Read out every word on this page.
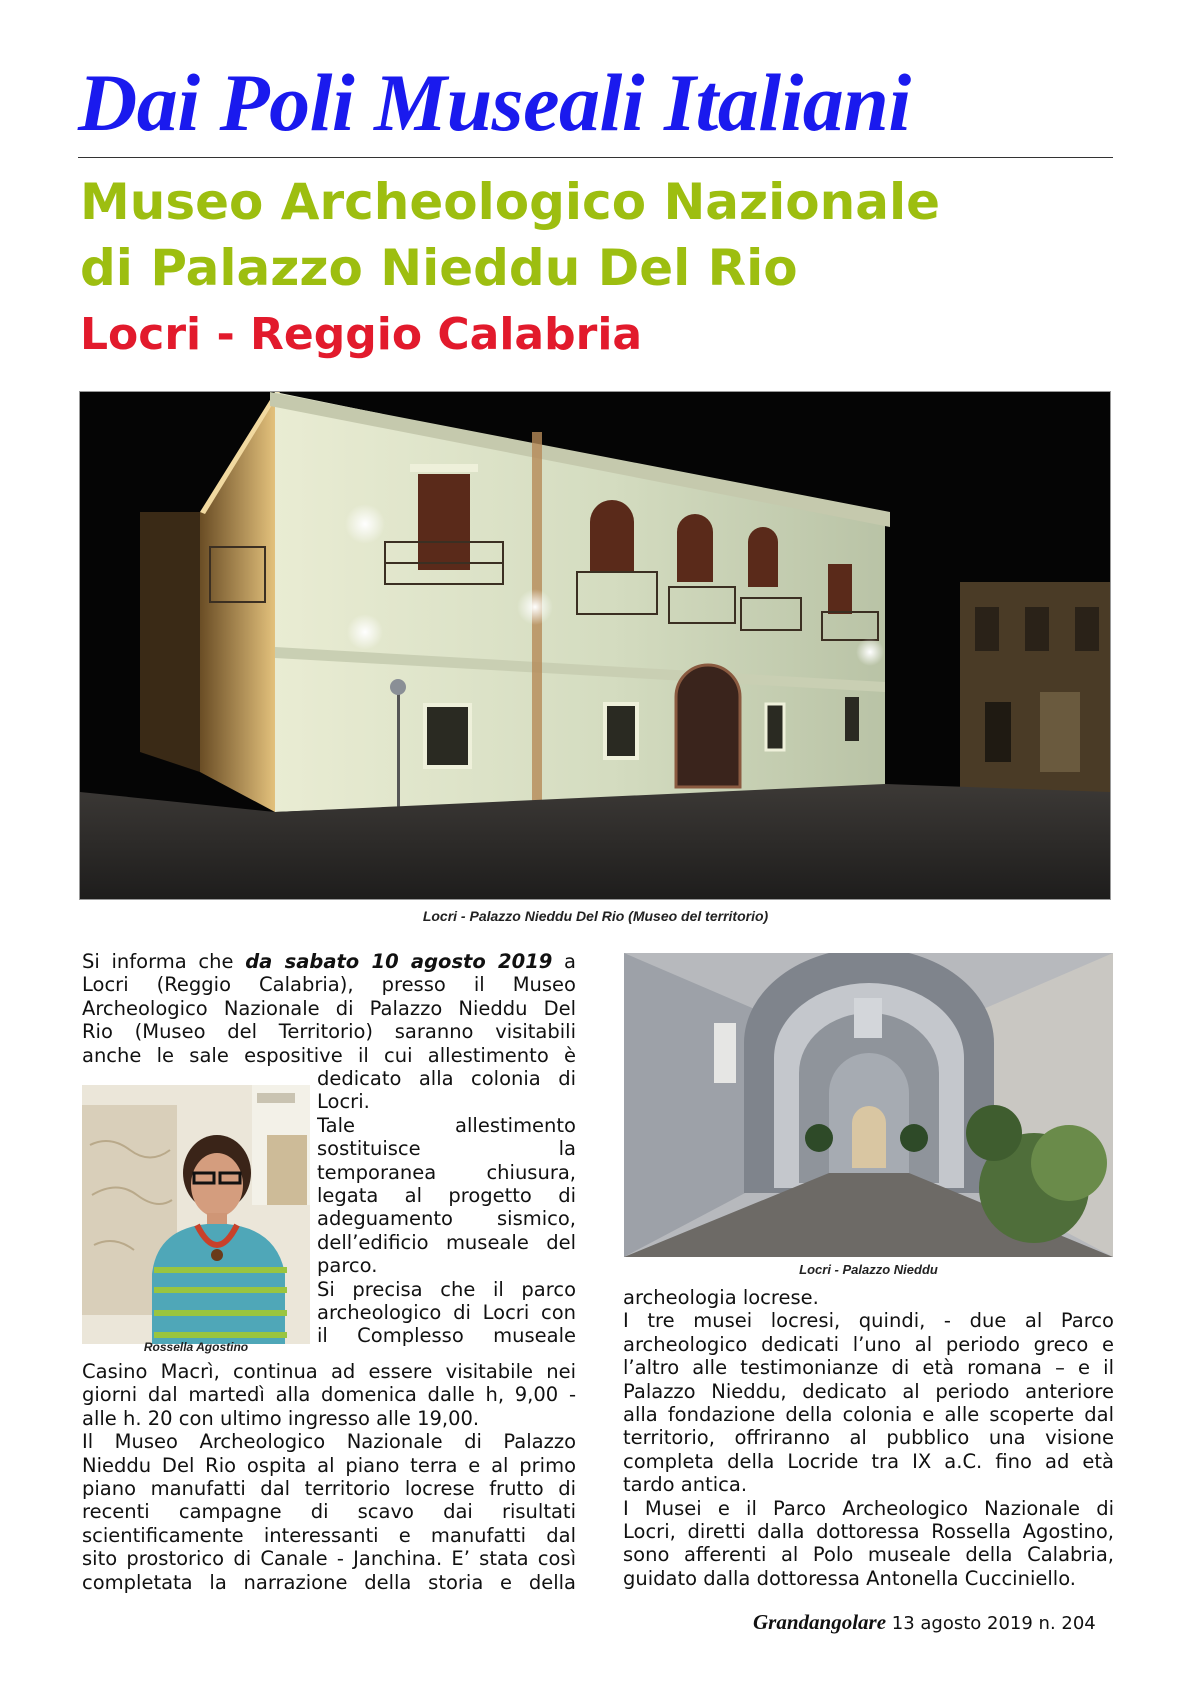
Dai Poli Museali Italiani
Museo Archeologico Nazionale
di Palazzo Nieddu Del Rio
Locri - Reggio Calabria
Locri - Palazzo Nieddu Del Rio (Museo del territorio)
Si informa che da sabato 10 agosto 2019 a
Locri (Reggio Calabria), presso il Museo
Archeologico Nazionale di Palazzo Nieddu Del
Rio (Museo del Territorio) saranno visitabili
anche le sale espositive il cui allestimento è
Rossella Agostino
dedicato alla colonia di
Locri.
Tale allestimento
sostituisce la
temporanea chiusura,
legata al progetto di
adeguamento sismico,
dell’edificio museale del
parco.
Si precisa che il parco
archeologico di Locri con
il Complesso museale
Casino Macrì, continua ad essere visitabile nei
giorni dal martedì alla domenica dalle h, 9,00 -
alle h. 20 con ultimo ingresso alle 19,00.
Il Museo Archeologico Nazionale di Palazzo
Nieddu Del Rio ospita al piano terra e al primo
piano manufatti dal territorio locrese frutto di
recenti campagne di scavo dai risultati
scientificamente interessanti e manufatti dal
sito prostorico di Canale - Janchina. E’ stata così
completata la narrazione della storia e della
Locri - Palazzo Nieddu
archeologia locrese.
I tre musei locresi, quindi, - due al Parco
archeologico dedicati l’uno al periodo greco e
l’altro alle testimonianze di età romana – e il
Palazzo Nieddu, dedicato al periodo anteriore
alla fondazione della colonia e alle scoperte dal
territorio, offriranno al pubblico una visione
completa della Locride tra IX a.C. fino ad età
tardo antica.
I Musei e il Parco Archeologico Nazionale di
Locri, diretti dalla dottoressa Rossella Agostino,
sono afferenti al Polo museale della Calabria,
guidato dalla dottoressa Antonella Cucciniello.
Grandangolare 13 agosto 2019 n. 204
